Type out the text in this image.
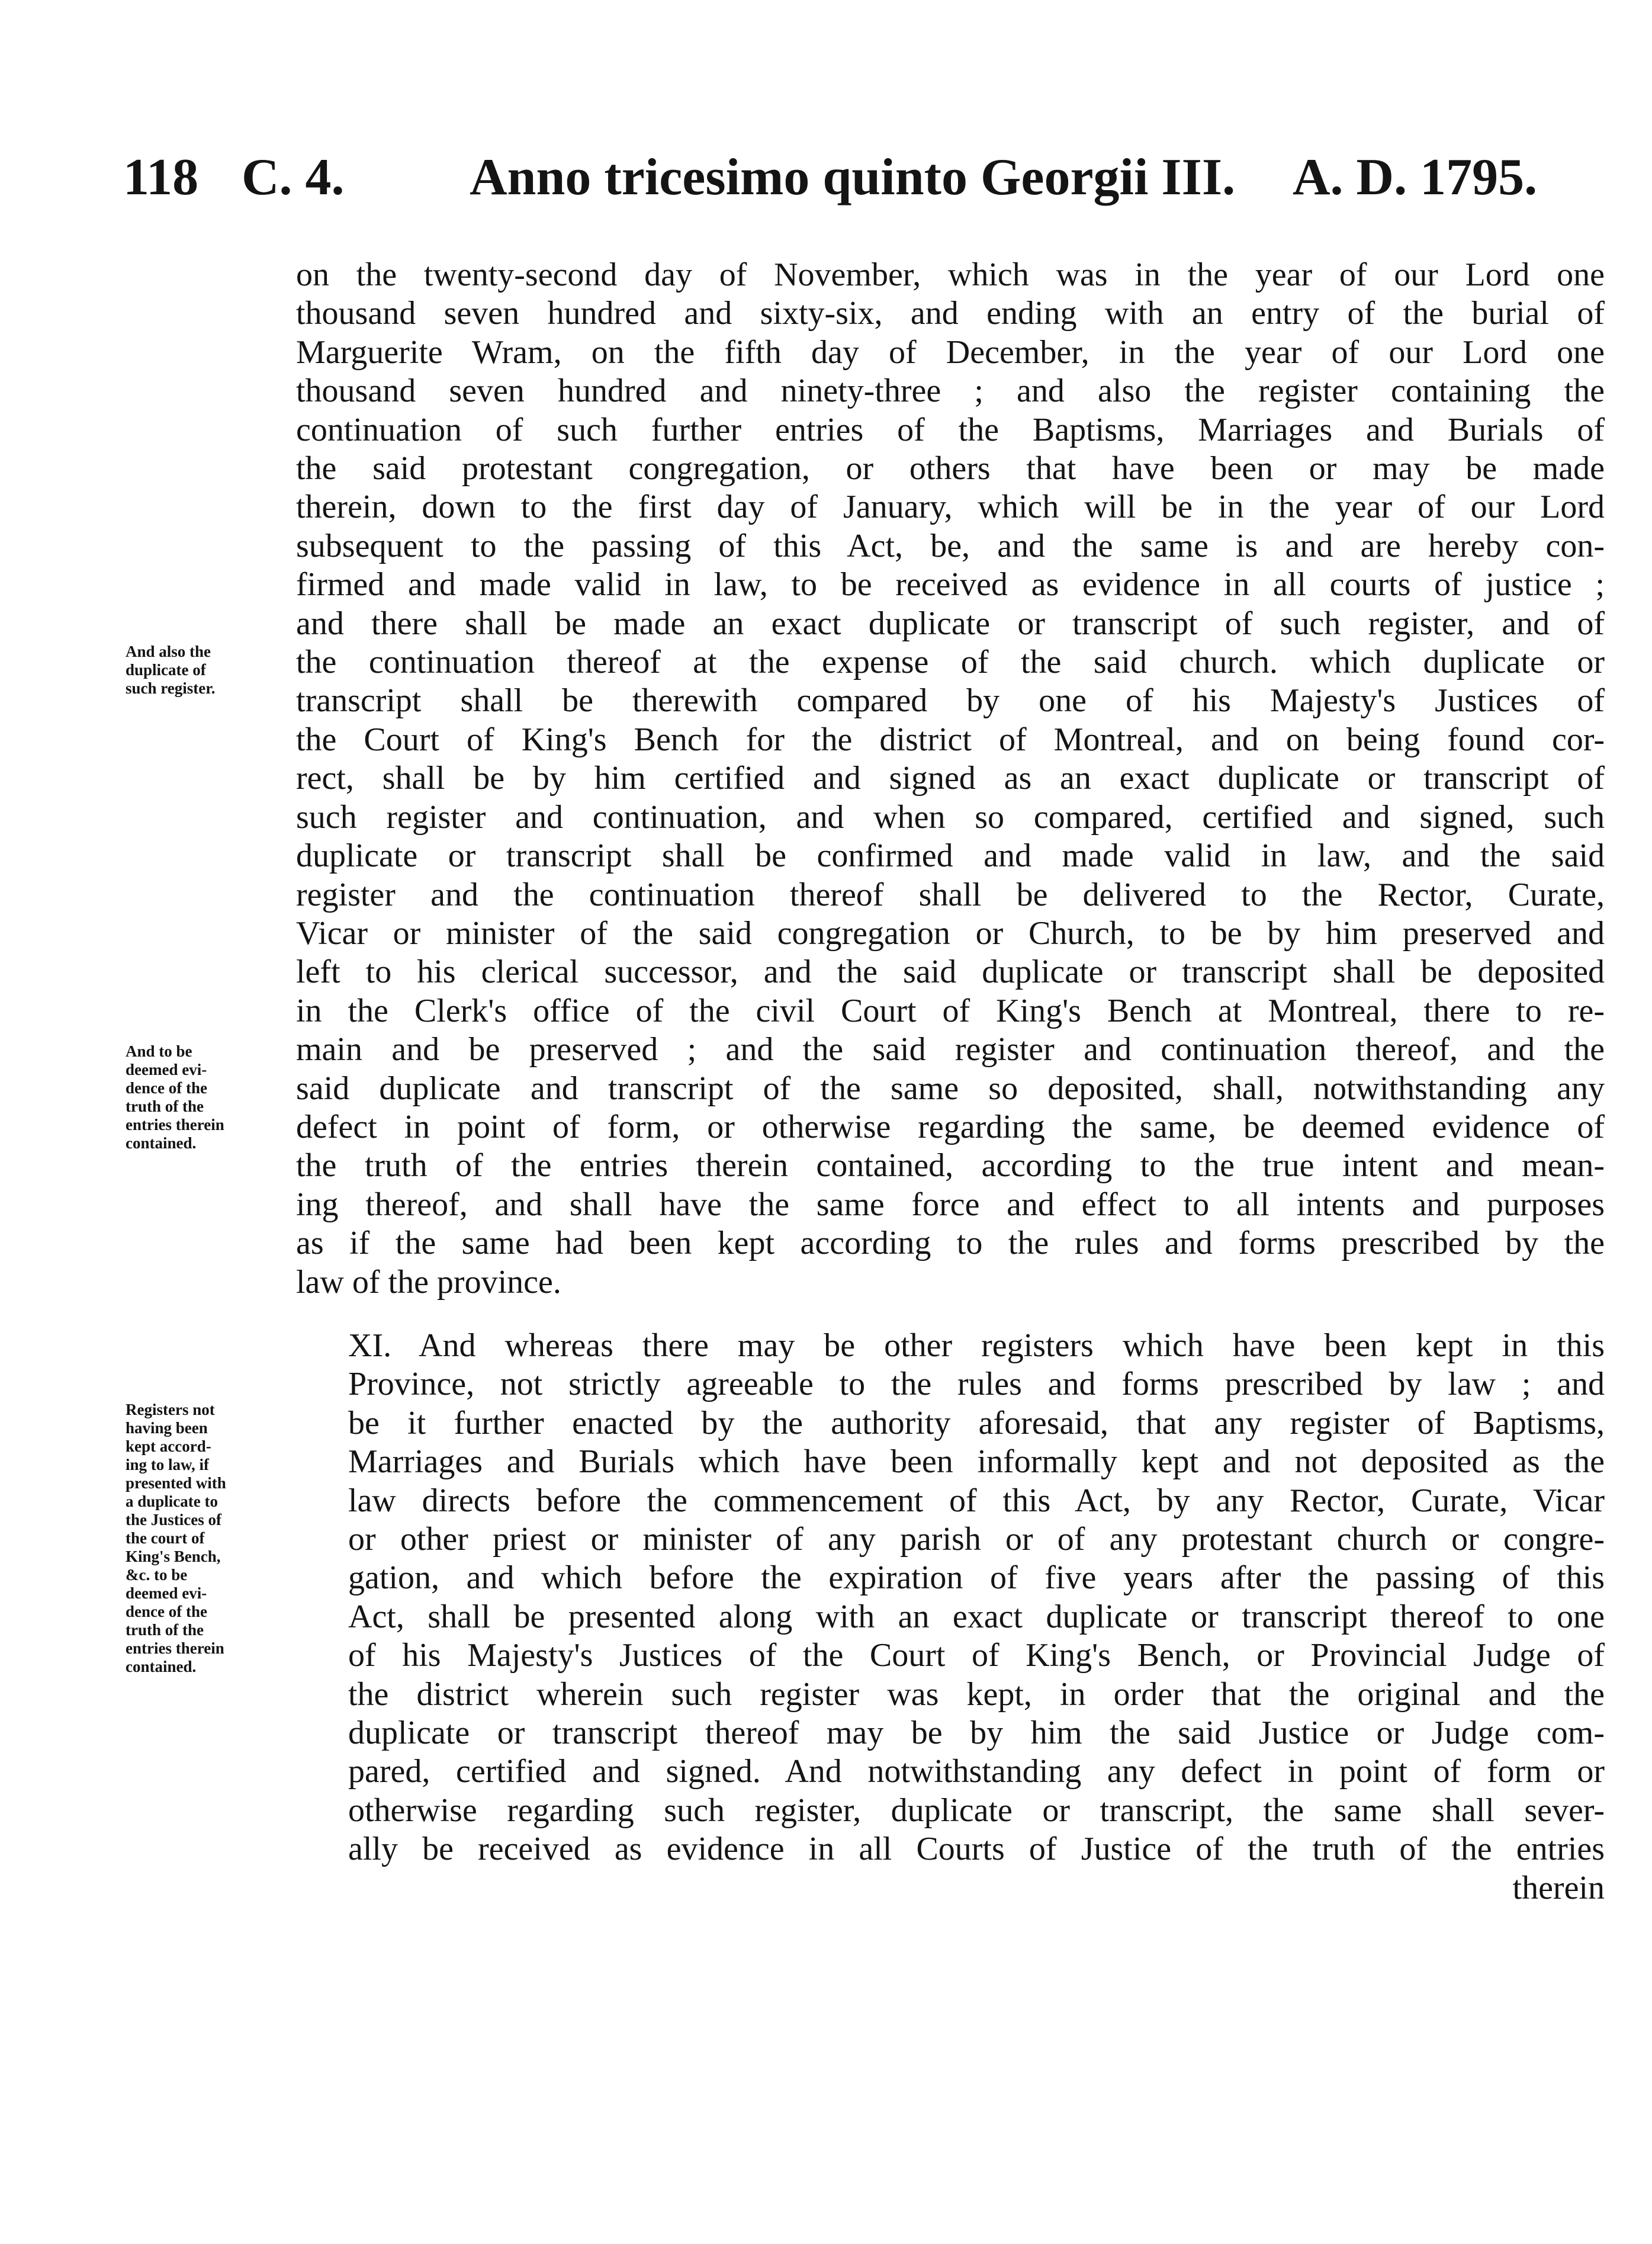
118 C. 4. Anno tricesimo quinto Georgii III. A. D. 1795.
on the twenty-second day of November, which was in the year of our Lord one
thousand seven hundred and sixty-six, and ending with an entry of the burial of
Marguerite Wram, on the fifth day of December, in the year of our Lord one
thousand seven hundred and ninety-three ; and also the register containing the
continuation of such further entries of the Baptisms, Marriages and Burials of
the said protestant congregation, or others that have been or may be made
therein, down to the first day of January, which will be in the year of our Lord
subsequent to the passing of this Act, be, and the same is and are hereby con-
firmed and made valid in law, to be received as evidence in all courts of justice ;
and there shall be made an exact duplicate or transcript of such register, and of
the continuation thereof at the expense of the said church. which duplicate or
transcript shall be therewith compared by one of his Majesty's Justices of
the Court of King's Bench for the district of Montreal, and on being found cor-
rect, shall be by him certified and signed as an exact duplicate or transcript of
such register and continuation, and when so compared, certified and signed, such
duplicate or transcript shall be confirmed and made valid in law, and the said
register and the continuation thereof shall be delivered to the Rector, Curate,
Vicar or minister of the said congregation or Church, to be by him preserved and
left to his clerical successor, and the said duplicate or transcript shall be deposited
in the Clerk's office of the civil Court of King's Bench at Montreal, there to re-
main and be preserved ; and the said register and continuation thereof, and the
said duplicate and transcript of the same so deposited, shall, notwithstanding any
defect in point of form, or otherwise regarding the same, be deemed evidence of
the truth of the entries therein contained, according to the true intent and mean-
ing thereof, and shall have the same force and effect to all intents and purposes
as if the same had been kept according to the rules and forms prescribed by the
law of the province.
XI. And whereas there may be other registers which have been kept in this
Province, not strictly agreeable to the rules and forms prescribed by law ; and
be it further enacted by the authority aforesaid, that any register of Baptisms,
Marriages and Burials which have been informally kept and not deposited as the
law directs before the commencement of this Act, by any Rector, Curate, Vicar
or other priest or minister of any parish or of any protestant church or congre-
gation, and which before the expiration of five years after the passing of this
Act, shall be presented along with an exact duplicate or transcript thereof to one
of his Majesty's Justices of the Court of King's Bench, or Provincial Judge of
the district wherein such register was kept, in order that the original and the
duplicate or transcript thereof may be by him the said Justice or Judge com-
pared, certified and signed. And notwithstanding any defect in point of form or
otherwise regarding such register, duplicate or transcript, the same shall sever-
ally be received as evidence in all Courts of Justice of the truth of the entries
therein
And also the
duplicate of
such register.
And to be
deemed evi-
dence of the
truth of the
entries therein
contained.
Registers not
having been
kept accord-
ing to law, if
presented with
a duplicate to
the Justices of
the court of
King's Bench,
&c. to be
deemed evi-
dence of the
truth of the
entries therein
contained.
